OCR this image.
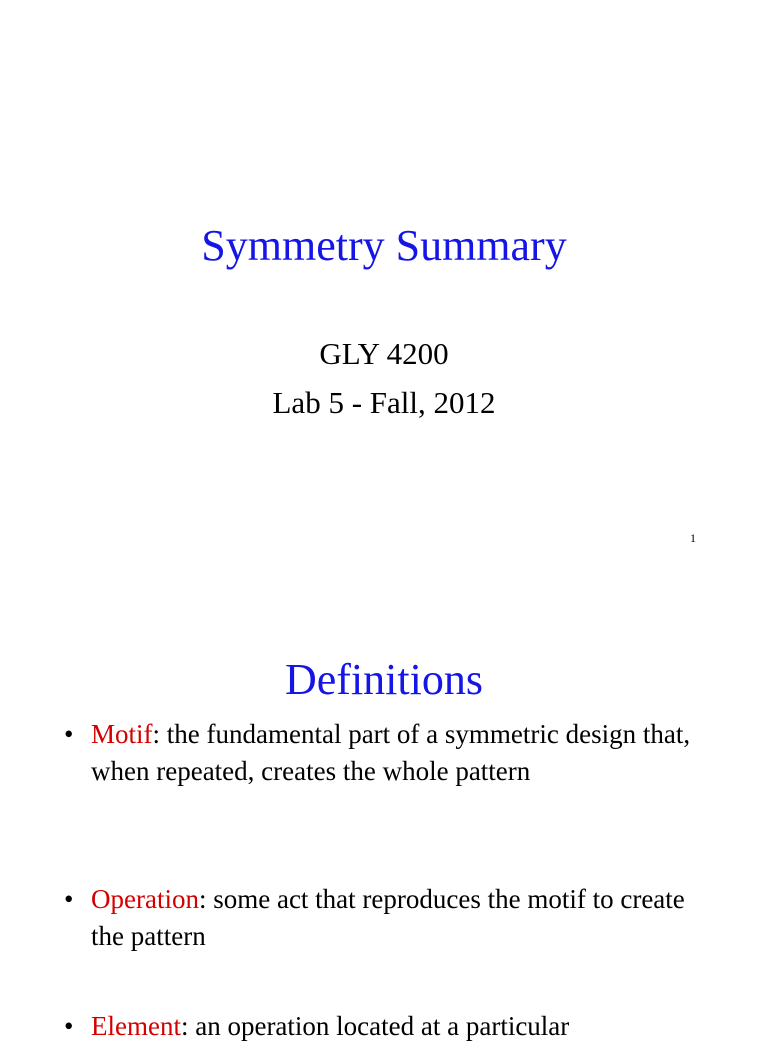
Symmetry Summary
GLY 4200
Lab 5 - Fall, 2012
1
Definitions
• Motif: the fundamental part of a symmetric design that, when repeated, creates the whole pattern
• Operation: some act that reproduces the motif to create the pattern
• Element: an operation located at a particular
